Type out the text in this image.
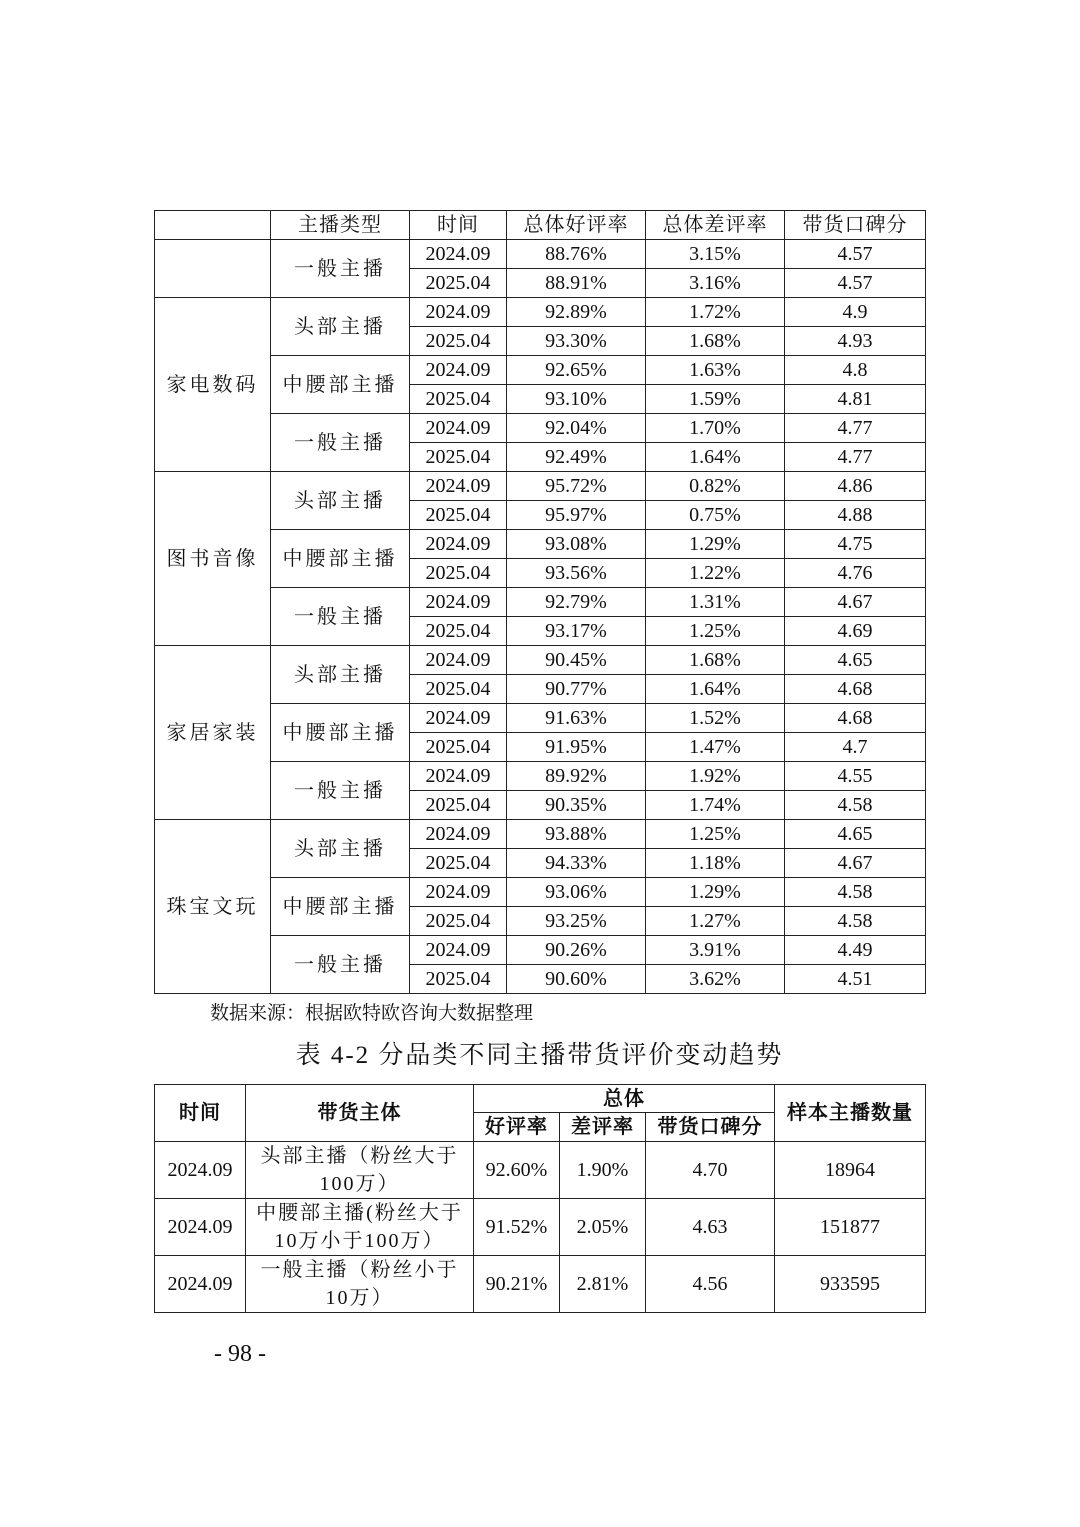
	主播类型	时间	总体好评率	总体差评率	带货口碑分
	一般主播	2024.09	88.76%	3.15%	4.57
		2025.04	88.91%	3.16%	4.57
家电数码	头部主播	2024.09	92.89%	1.72%	4.9
		2025.04	93.30%	1.68%	4.93
	中腰部主播	2024.09	92.65%	1.63%	4.8
		2025.04	93.10%	1.59%	4.81
	一般主播	2024.09	92.04%	1.70%	4.77
		2025.04	92.49%	1.64%	4.77
图书音像	头部主播	2024.09	95.72%	0.82%	4.86
		2025.04	95.97%	0.75%	4.88
	中腰部主播	2024.09	93.08%	1.29%	4.75
		2025.04	93.56%	1.22%	4.76
	一般主播	2024.09	92.79%	1.31%	4.67
		2025.04	93.17%	1.25%	4.69
家居家装	头部主播	2024.09	90.45%	1.68%	4.65
		2025.04	90.77%	1.64%	4.68
	中腰部主播	2024.09	91.63%	1.52%	4.68
		2025.04	91.95%	1.47%	4.7
	一般主播	2024.09	89.92%	1.92%	4.55
		2025.04	90.35%	1.74%	4.58
珠宝文玩	头部主播	2024.09	93.88%	1.25%	4.65
		2025.04	94.33%	1.18%	4.67
	中腰部主播	2024.09	93.06%	1.29%	4.58
		2025.04	93.25%	1.27%	4.58
	一般主播	2024.09	90.26%	3.91%	4.49
		2025.04	90.60%	3.62%	4.51
数据来源：根据欧特欧咨询大数据整理
表 4-2 分品类不同主播带货评价变动趋势
时间	带货主体	总体			样本主播数量
		好评率	差评率	带货口碑分	
2024.09	头部主播（粉丝大于100万）	92.60%	1.90%	4.70	18964
2024.09	中腰部主播(粉丝大于10万小于100万）	91.52%	2.05%	4.63	151877
2024.09	一般主播（粉丝小于10万）	90.21%	2.81%	4.56	933595
- 98 -
